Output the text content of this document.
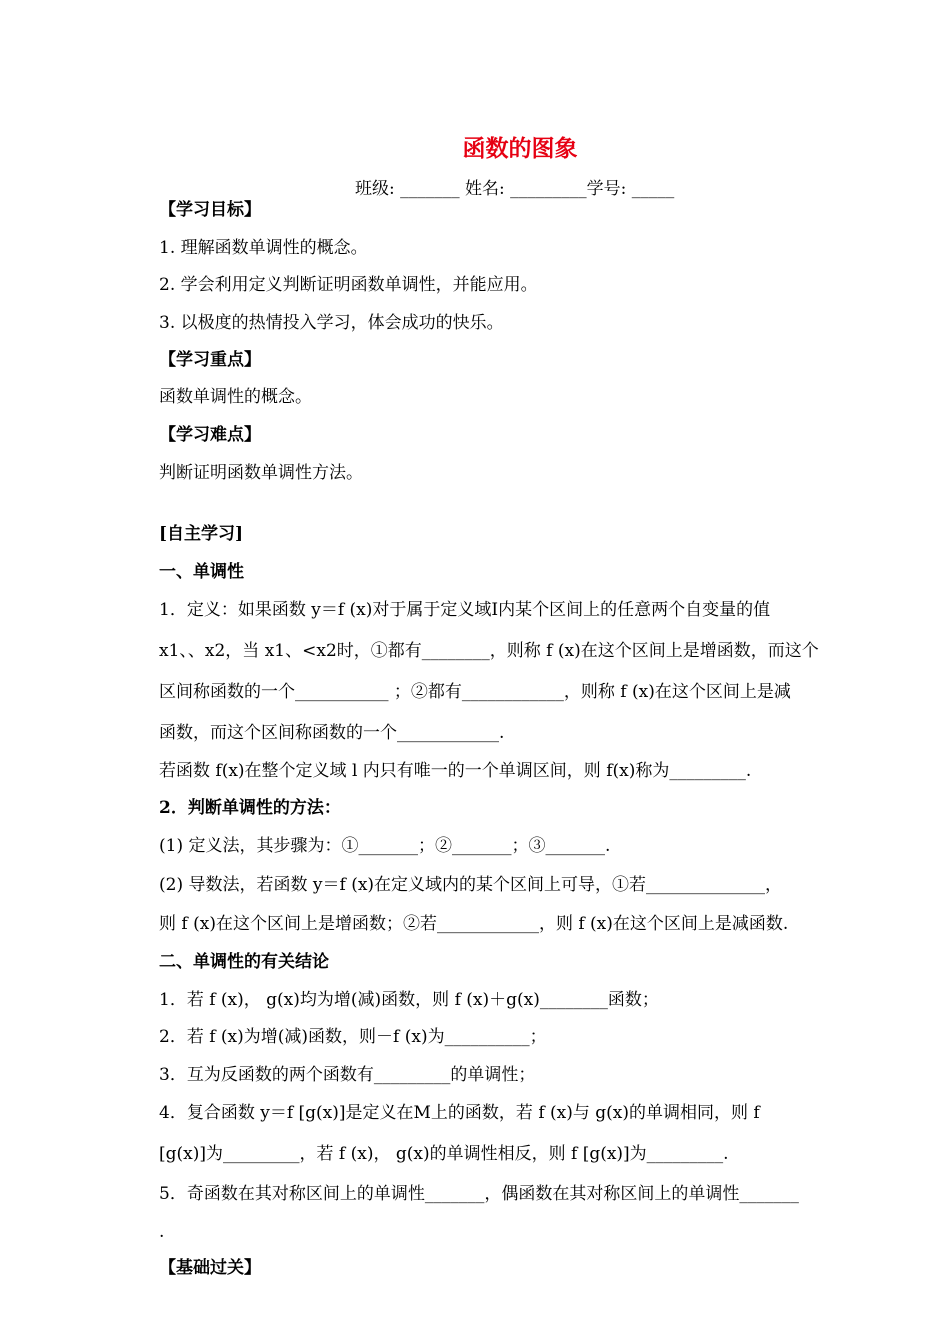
函数的图象
班级: _______ 姓名: _________学号: _____
【学习目标】
1. 理解函数单调性的概念。
2. 学会利用定义判断证明函数单调性，并能应用。
3. 以极度的热情投入学习，体会成功的快乐。
【学习重点】
函数单调性的概念。
【学习难点】
判断证明函数单调性方法。
[自主学习]
一、单调性
1．定义：如果函数 y＝f (x)对于属于定义域Ⅰ内某个区间上的任意两个自变量的值
x1、、x2，当 x1、<x2时，①都有________，则称 f (x)在这个区间上是增函数，而这个
区间称函数的一个___________ ；②都有____________，则称 f (x)在这个区间上是减
函数，而这个区间称函数的一个____________.
若函数 f(x)在整个定义域 l 内只有唯一的一个单调区间，则 f(x)称为_________.
2．判断单调性的方法：
(1) 定义法，其步骤为：①_______；②_______；③_______.
(2) 导数法，若函数 y＝f (x)在定义域内的某个区间上可导，①若______________，
则 f (x)在这个区间上是增函数；②若____________，则 f (x)在这个区间上是减函数.
二、单调性的有关结论
1．若 f (x)， g(x)均为增(减)函数，则 f (x)＋g(x)________函数；
2．若 f (x)为增(减)函数，则－f (x)为__________；
3．互为反函数的两个函数有_________的单调性；
4．复合函数 y＝f [g(x)]是定义在M上的函数，若 f (x)与 g(x)的单调相同，则 f
[g(x)]为_________，若 f (x)， g(x)的单调性相反，则 f [g(x)]为_________.
5．奇函数在其对称区间上的单调性_______，偶函数在其对称区间上的单调性_______
.
【基础过关】
